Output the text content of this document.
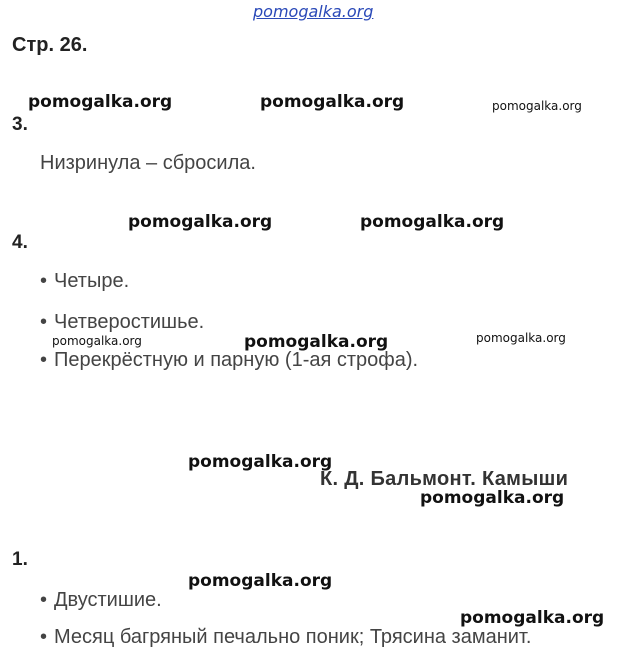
pomogalka.org
Стр. 26.
3.
Низринула – сбросила.
4.
• Четыре.
• Четверостишье.
• Перекрёстную и парную (1-ая строфа).
К. Д. Бальмонт. Камыши
1.
• Двустишие.
• Месяц багряный печально поник; Трясина заманит.
pomogalka.org	pomogalka.org	pomogalka.org
pomogalka.org	pomogalka.org
pomogalka.org	pomogalka.org	pomogalka.org
pomogalka.org
pomogalka.org
pomogalka.org
pomogalka.org
